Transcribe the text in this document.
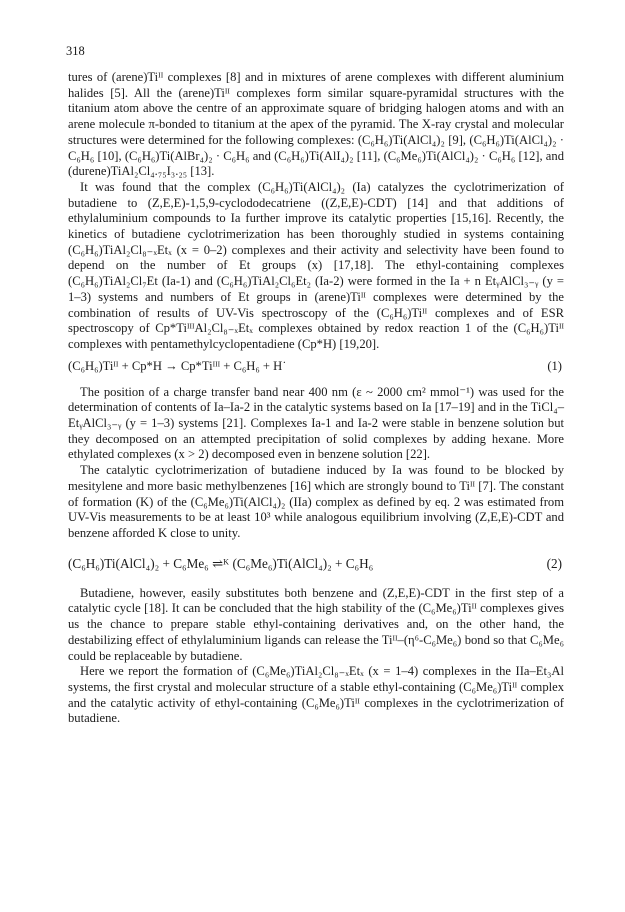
318

tures of (arene)Tiᴵᴵ complexes [8] and in mixtures of arene complexes with different aluminium halides [5]. All the (arene)Tiᴵᴵ complexes form similar square-pyramidal structures with the titanium atom above the centre of an approximate square of bridging halogen atoms and with an arene molecule π-bonded to titanium at the apex of the pyramid. The X-ray crystal and molecular structures were determined for the following complexes: (C₆H₆)Ti(AlCl₄)₂ [9], (C₆H₆)Ti(AlCl₄)₂ · C₆H₆ [10], (C₆H₆)Ti(AlBr₄)₂ · C₆H₆ and (C₆H₆)Ti(AlI₄)₂ [11], (C₆Me₆)Ti(AlCl₄)₂ · C₆H₆ [12], and (durene)TiAl₂Cl₄.₇₅I₃.₂₅ [13].

It was found that the complex (C₆H₆)Ti(AlCl₄)₂ (Ia) catalyzes the cyclotrimerization of butadiene to (Z,E,E)-1,5,9-cyclododecatriene ((Z,E,E)-CDT) [14] and that additions of ethylaluminium compounds to Ia further improve its catalytic properties [15,16]. Recently, the kinetics of butadiene cyclotrimerization has been thoroughly studied in systems containing (C₆H₆)TiAl₂Cl₈₋ₓEtₓ (x = 0–2) complexes and their activity and selectivity have been found to depend on the number of Et groups (x) [17,18]. The ethyl-containing complexes (C₆H₆)TiAl₂Cl₇Et (Ia-1) and (C₆H₆)TiAl₂Cl₆Et₂ (Ia-2) were formed in the Ia + n EtᵧAlCl₃₋ᵧ (y = 1–3) systems and numbers of Et groups in (arene)Tiᴵᴵ complexes were determined by the combination of results of UV-Vis spectroscopy of the (C₆H₆)Tiᴵᴵ complexes and of ESR spectroscopy of Cp*TiᴵᴵᴵAl₂Cl₈₋ₓEtₓ complexes obtained by redox reaction 1 of the (C₆H₆)Tiᴵᴵ complexes with pentamethylcyclopentadiene (Cp*H) [19,20].

(C₆H₆)Tiᴵᴵ + Cp*H → Cp*Tiᴵᴵᴵ + C₆H₆ + H˙	(1)

The position of a charge transfer band near 400 nm (ε ~ 2000 cm² mmol⁻¹) was used for the determination of contents of Ia–Ia-2 in the catalytic systems based on Ia [17–19] and in the TiCl₄–EtᵧAlCl₃₋ᵧ (y = 1–3) systems [21]. Complexes Ia-1 and Ia-2 were stable in benzene solution but they decomposed on an attempted precipitation of solid complexes by adding hexane. More ethylated complexes (x > 2) decomposed even in benzene solution [22].

The catalytic cyclotrimerization of butadiene induced by Ia was found to be blocked by mesitylene and more basic methylbenzenes [16] which are strongly bound to Tiᴵᴵ [7]. The constant of formation (K) of the (C₆Me₆)Ti(AlCl₄)₂ (IIa) complex as defined by eq. 2 was estimated from UV-Vis measurements to be at least 10³ while analogous equilibrium involving (Z,E,E)-CDT and benzene afforded K close to unity.

(C₆H₆)Ti(AlCl₄)₂ + C₆Me₆ ⇌ᴷ (C₆Me₆)Ti(AlCl₄)₂ + C₆H₆	(2)

Butadiene, however, easily substitutes both benzene and (Z,E,E)-CDT in the first step of a catalytic cycle [18]. It can be concluded that the high stability of the (C₆Me₆)Tiᴵᴵ complexes gives us the chance to prepare stable ethyl-containing derivatives and, on the other hand, the destabilizing effect of ethylaluminium ligands can release the Tiᴵᴵ–(η⁶-C₆Me₆) bond so that C₆Me₆ could be replaceable by butadiene.

Here we report the formation of (C₆Me₆)TiAl₂Cl₈₋ₓEtₓ (x = 1–4) complexes in the IIa–Et₃Al systems, the first crystal and molecular structure of a stable ethyl-containing (C₆Me₆)Tiᴵᴵ complex and the catalytic activity of ethyl-containing (C₆Me₆)Tiᴵᴵ complexes in the cyclotrimerization of butadiene.
